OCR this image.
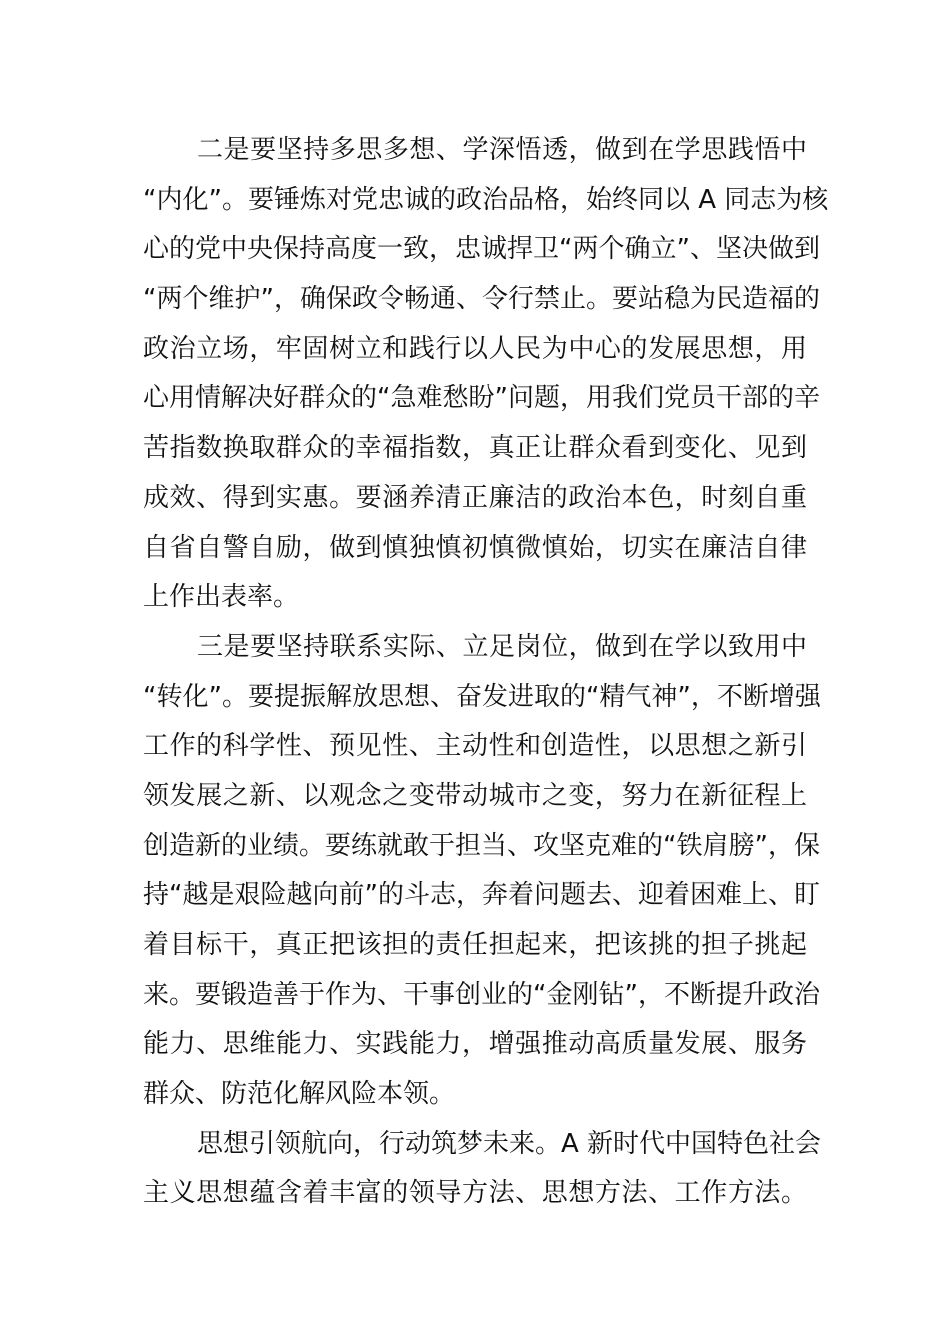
二是要坚持多思多想、学深悟透，做到在学思践悟中
“内化”。要锤炼对党忠诚的政治品格，始终同以 A 同志为核
心的党中央保持高度一致，忠诚捍卫“两个确立”、坚决做到
“两个维护”，确保政令畅通、令行禁止。要站稳为民造福的
政治立场，牢固树立和践行以人民为中心的发展思想，用
心用情解决好群众的“急难愁盼”问题，用我们党员干部的辛
苦指数换取群众的幸福指数，真正让群众看到变化、见到
成效、得到实惠。要涵养清正廉洁的政治本色，时刻自重
自省自警自励，做到慎独慎初慎微慎始，切实在廉洁自律
上作出表率。
三是要坚持联系实际、立足岗位，做到在学以致用中
“转化”。要提振解放思想、奋发进取的“精气神”，不断增强
工作的科学性、预见性、主动性和创造性，以思想之新引
领发展之新、以观念之变带动城市之变，努力在新征程上
创造新的业绩。要练就敢于担当、攻坚克难的“铁肩膀”，保
持“越是艰险越向前”的斗志，奔着问题去、迎着困难上、盯
着目标干，真正把该担的责任担起来，把该挑的担子挑起
来。要锻造善于作为、干事创业的“金刚钻”，不断提升政治
能力、思维能力、实践能力，增强推动高质量发展、服务
群众、防范化解风险本领。
思想引领航向，行动筑梦未来。A 新时代中国特色社会
主义思想蕴含着丰富的领导方法、思想方法、工作方法。
